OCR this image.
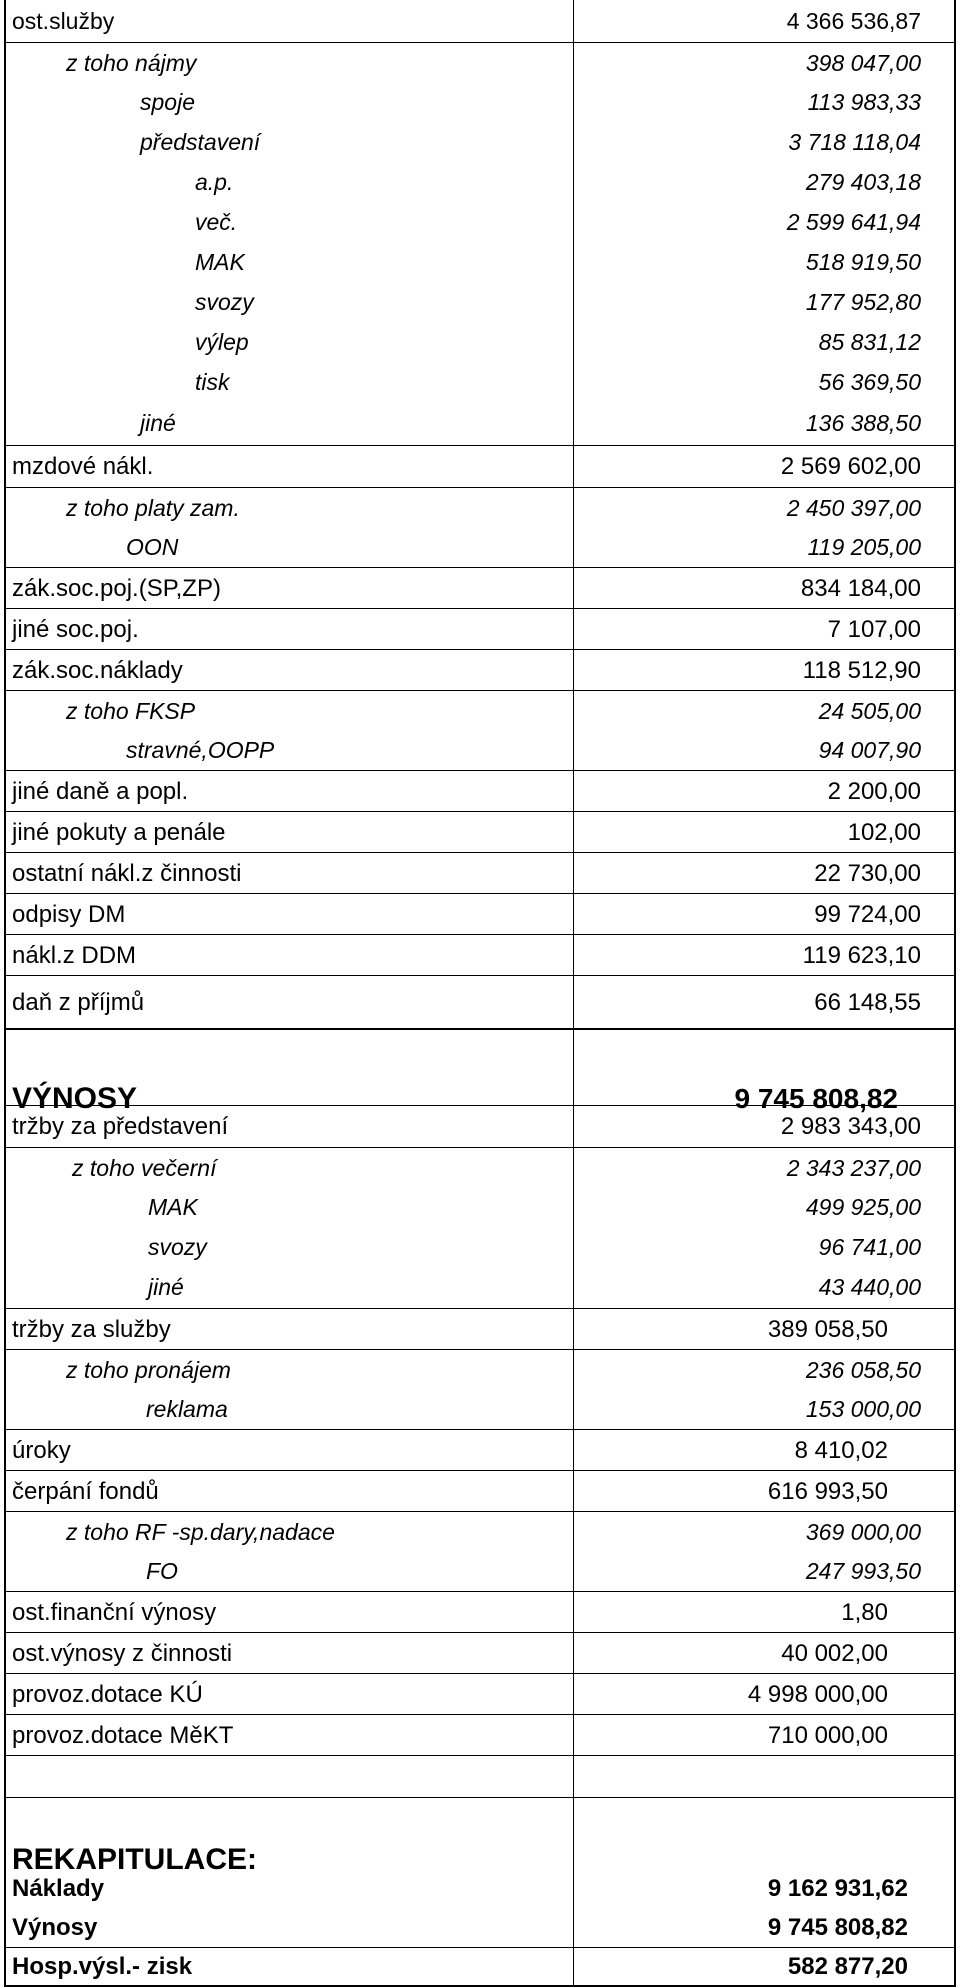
ost.služby	4 366 536,87
z toho nájmy	398 047,00
spoje	113 983,33
představení	3 718 118,04
a.p.	279 403,18
več.	2 599 641,94
MAK	518 919,50
svozy	177 952,80
výlep	85 831,12
tisk	56 369,50
jiné	136 388,50
mzdové nákl.	2 569 602,00
z toho platy zam.	2 450 397,00
OON	119 205,00
zák.soc.poj.(SP,ZP)	834 184,00
jiné soc.poj.	7 107,00
zák.soc.náklady	118 512,90
z toho FKSP	24 505,00
stravné,OOPP	94 007,90
jiné daně a popl.	2 200,00
jiné pokuty a penále	102,00
ostatní nákl.z činnosti	22 730,00
odpisy DM	99 724,00
nákl.z DDM	119 623,10
daň z příjmů	66 148,55
VÝNOSY	9 745 808,82
tržby za představení	2 983 343,00
z toho večerní	2 343 237,00
MAK	499 925,00
svozy	96 741,00
jiné	43 440,00
tržby za služby	389 058,50
z toho pronájem	236 058,50
reklama	153 000,00
úroky	8 410,02
čerpání fondů	616 993,50
z toho RF -sp.dary,nadace	369 000,00
FO	247 993,50
ost.finanční výnosy	1,80
ost.výnosy z činnosti	40 002,00
provoz.dotace KÚ	4 998 000,00
provoz.dotace MěKT	710 000,00
REKAPITULACE:
Náklady	9 162 931,62
Výnosy	9 745 808,82
Hosp.výsl.- zisk	582 877,20
